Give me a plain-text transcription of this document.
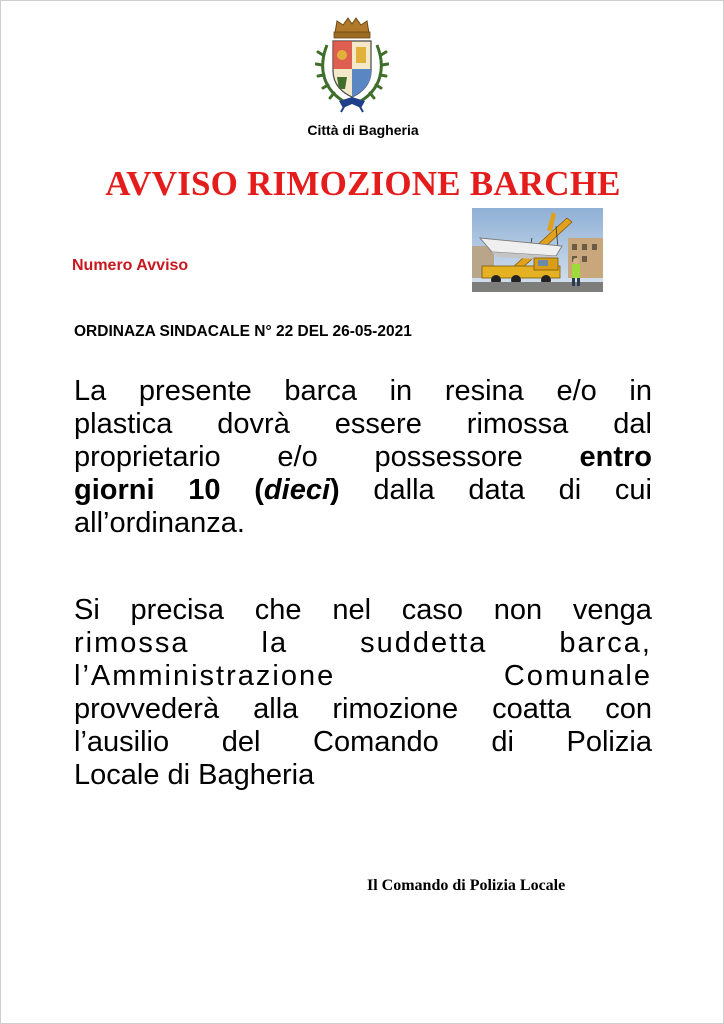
Città di Bagheria
AVVISO RIMOZIONE BARCHE
Numero Avviso
ORDINAZA SINDACALE N° 22 DEL 26-05-2021
La presente barca in resina e/o in
plastica dovrà essere rimossa dal
proprietario e/o possessore entro
giorni 10 (dieci) dalla data di cui
all’ordinanza.
Si precisa che nel caso non venga
rimossa la suddetta barca,
l’Amministrazione	Comunale
provvederà alla rimozione coatta con
l’ausilio del Comando di Polizia
Locale di Bagheria
Il Comando di Polizia Locale
